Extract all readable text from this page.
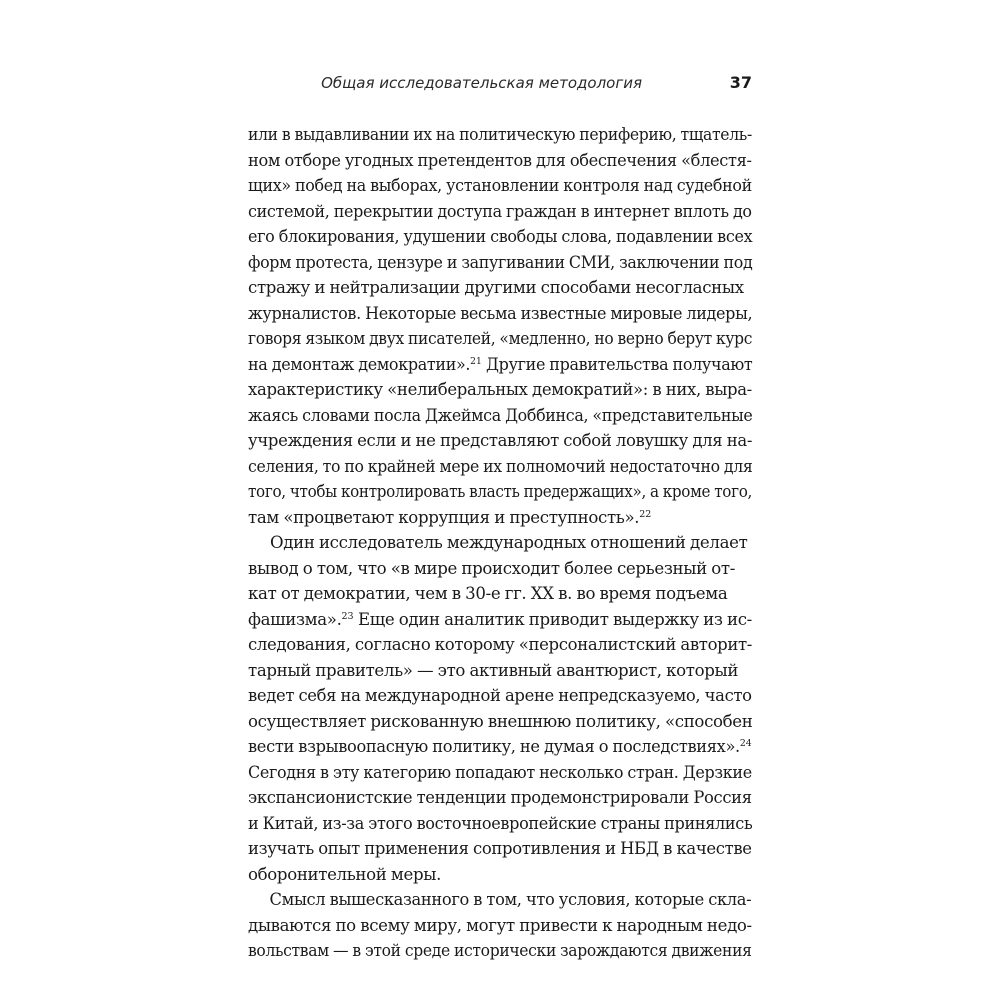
Общая исследовательская методология	37
или в выдавливании их на политическую периферию, тщатель-
ном отборе угодных претендентов для обеспечения «блестя-
щих» побед на выборах, установлении контроля над судебной
системой, перекрытии доступа граждан в интернет вплоть до
его блокирования, удушении свободы слова, подавлении всех
форм протеста, цензуре и запугивании СМИ, заключении под
стражу и нейтрализации другими способами несогласных
журналистов. Некоторые весьма известные мировые лидеры,
говоря языком двух писателей, «медленно, но верно берут курс
на демонтаж демократии».$^{21}$ Другие правительства получают
характеристику «нелиберальных демократий»: в них, выра-
жаясь словами посла Джеймса Доббинса, «представительные
учреждения если и не представляют собой ловушку для на-
селения, то по крайней мере их полномочий недостаточно для
того, чтобы контролировать власть предержащих», а кроме того,
там «процветают коррупция и преступность».$^{22}$
Один исследователь международных отношений делает
вывод о том, что «в мире происходит более серьезный от-
кат от демократии, чем в 30-е гг. XX в. во время подъема
фашизма».$^{23}$ Еще один аналитик приводит выдержку из ис-
следования, согласно которому «персоналистский авторит-
тарный правитель» — это активный авантюрист, который
ведет себя на международной арене непредсказуемо, часто
осуществляет рискованную внешнюю политику, «способен
вести взрывоопасную политику, не думая о последствиях».$^{24}$
Сегодня в эту категорию попадают несколько стран. Дерзкие
экспансионистские тенденции продемонстрировали Россия
и Китай, из-за этого восточноевропейские страны принялись
изучать опыт применения сопротивления и НБД в качестве
оборонительной меры.
Смысл вышесказанного в том, что условия, которые скла-
дываются по всему миру, могут привести к народным недо-
вольствам — в этой среде исторически зарождаются движения
